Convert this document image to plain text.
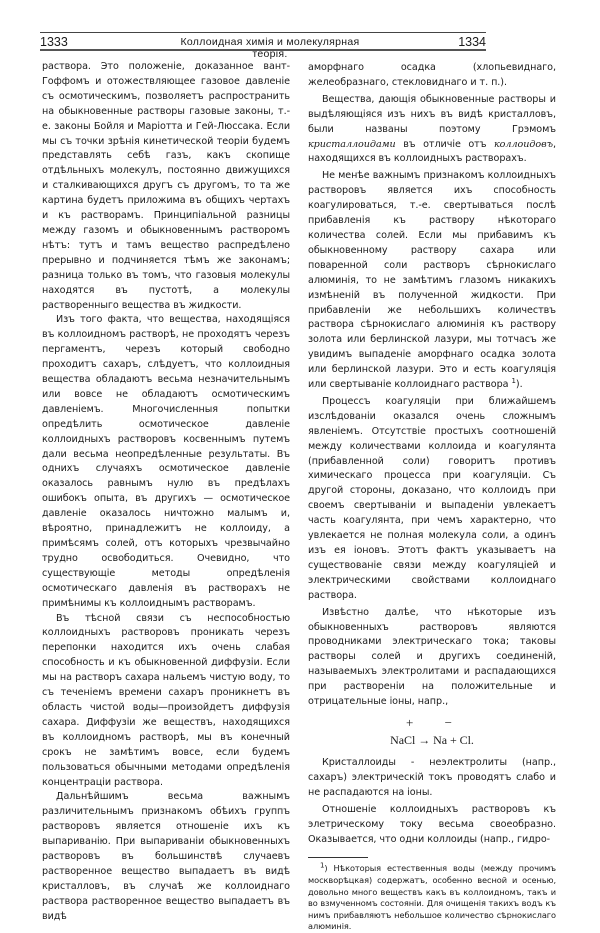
1333	Коллоидная химія и молекулярная теорія.
1334

раствора. Это положеніе, доказанное вант-Гоффомъ и отожествляющее газовое давленіе съ осмотическимъ, позволяетъ распространить на обыкновенные растворы газовые законы, т.-е. законы Бойля и Маріотта и Гей-Люссака. Если мы съ точки зрѣнія кинетической теоріи будемъ представлять себѣ газъ, какъ скопище отдѣльныхъ молекулъ, постоянно движущихся и сталкивающихся другъ съ другомъ, то та же картина будетъ приложима въ общихъ чертахъ и къ растворамъ. Принципіальной разницы между газомъ и обыкновеннымъ растворомъ нѣтъ: тутъ и тамъ вещество распредѣлено прерывно и подчиняется тѣмъ же законамъ; разница только въ томъ, что газовыя молекулы находятся въ пустотѣ, а молекулы растворенныго вещества въ жидкости.

Изъ того факта, что вещества, находящіяся въ коллоидномъ растворѣ, не проходятъ черезъ пергаментъ, черезъ который свободно проходитъ сахаръ, слѣдуетъ, что коллоидныя вещества обладаютъ весьма незначительнымъ или вовсе не обладаютъ осмотическимъ давленіемъ. Многочисленныя попытки опредѣлить осмотическое давленіе коллоидныхъ растворовъ косвеннымъ путемъ дали весьма неопредѣленные результаты. Въ однихъ случаяхъ осмотическое давленіе оказалось равнымъ нулю въ предѣлахъ ошибокъ опыта, въ другихъ — осмотическое давленіе оказалось ничтожно малымъ и, вѣроятно, принадлежитъ не коллоиду, а примѣсямъ солей, отъ которыхъ чрезвычайно трудно освободиться. Очевидно, что существующіе методы опредѣленія осмотическаго давленія въ растворахъ не примѣнимы къ коллоиднымъ растворамъ.

Въ тѣсной связи съ неспособностью коллоидныхъ растворовъ проникать черезъ перепонки находится ихъ очень слабая способность и къ обыкновенной диффузіи. Если мы на растворъ сахара нальемъ чистую воду, то съ теченіемъ времени сахаръ проникнетъ въ область чистой воды—произойдетъ диффузія сахара. Диффузіи же веществъ, находящихся въ коллоидномъ растворѣ, мы въ конечный срокъ не замѣтимъ вовсе, если будемъ пользоваться обычными методами опредѣленія концентраціи раствора.

Дальнѣйшимъ весьма важнымъ различительнымъ признакомъ обѣихъ группъ растворовъ является отношеніе ихъ къ выпариванію. При выпариваніи обыкновенныхъ растворовъ въ большинствѣ случаевъ растворенное вещество выпадаетъ въ видѣ кристалловъ, въ случаѣ же коллоиднаго раствора растворенное вещество выпадаетъ въ видѣ

аморфнаго осадка (хлопьевиднаго, желеобразнаго, стекловиднаго и т. п.).

Вещества, дающія обыкновенные растворы и выдѣляющіяся изъ нихъ въ видѣ кристалловъ, были названы поэтому Грэмомъ кристаллоидами въ отличіе отъ коллоидовъ, находящихся въ коллоидныхъ растворахъ.

Не менѣе важнымъ признакомъ коллоидныхъ растворовъ является ихъ способность коагулироваться, т.-е. свертываться послѣ прибавленія къ раствору нѣкотораго количества солей. Если мы прибавимъ къ обыкновенному раствору сахара или поваренной соли растворъ сѣрнокислаго алюминія, то не замѣтимъ глазомъ никакихъ измѣненій въ полученной жидкости. При прибавленіи же небольшихъ количествъ раствора сѣрнокислаго алюминія къ раствору золота или берлинской лазури, мы тотчасъ же увидимъ выпаденіе аморфнаго осадка золота или берлинской лазури. Это и есть коагуляція или свертываніе коллоиднаго раствора $^1$).

Процессъ коагуляціи при ближайшемъ изслѣдованіи оказался очень сложнымъ явленіемъ. Отсутствіе простыхъ соотношеній между количествами коллоида и коагулянта (прибавленной соли) говоритъ противъ химическаго процесса при коагуляціи. Съ другой стороны, доказано, что коллоидъ при своемъ свертываніи и выпаденіи увлекаетъ часть коагулянта, при чемъ характерно, что увлекается не полная молекула соли, а одинъ изъ ея іоновъ. Этотъ фактъ указываетъ на существованіе связи между коагуляціей и электрическими свойствами коллоиднаго раствора.

Извѣстно далѣе, что нѣкоторые изъ обыкновенныхъ растворовъ являются проводниками электрическаго тока; таковы растворы солей и другихъ соединеній, называемыхъ электролитами и распадающихся при раствореніи на положительные и отрицательные іоны, напр.,

+ −
NaCl → Na + Cl.

Кристаллоиды - неэлектролиты (напр., сахаръ) электрическій токъ проводятъ слабо и не распадаются на іоны.

Отношеніе коллоидныхъ растворовъ къ элетрическому току весьма своеобразно. Оказывается, что одни коллоиды (напр., гидро-

$^1$) Нѣкоторыя естественныя воды (между прочимъ москворѣцкая) содержатъ, особенно весной и осенью, довольно много веществъ какъ въ коллоидномъ, такъ и во взмученномъ состояніи. Для очищенія такихъ водъ къ нимъ прибавляютъ небольшое количество сѣрнокислаго алюминія.
